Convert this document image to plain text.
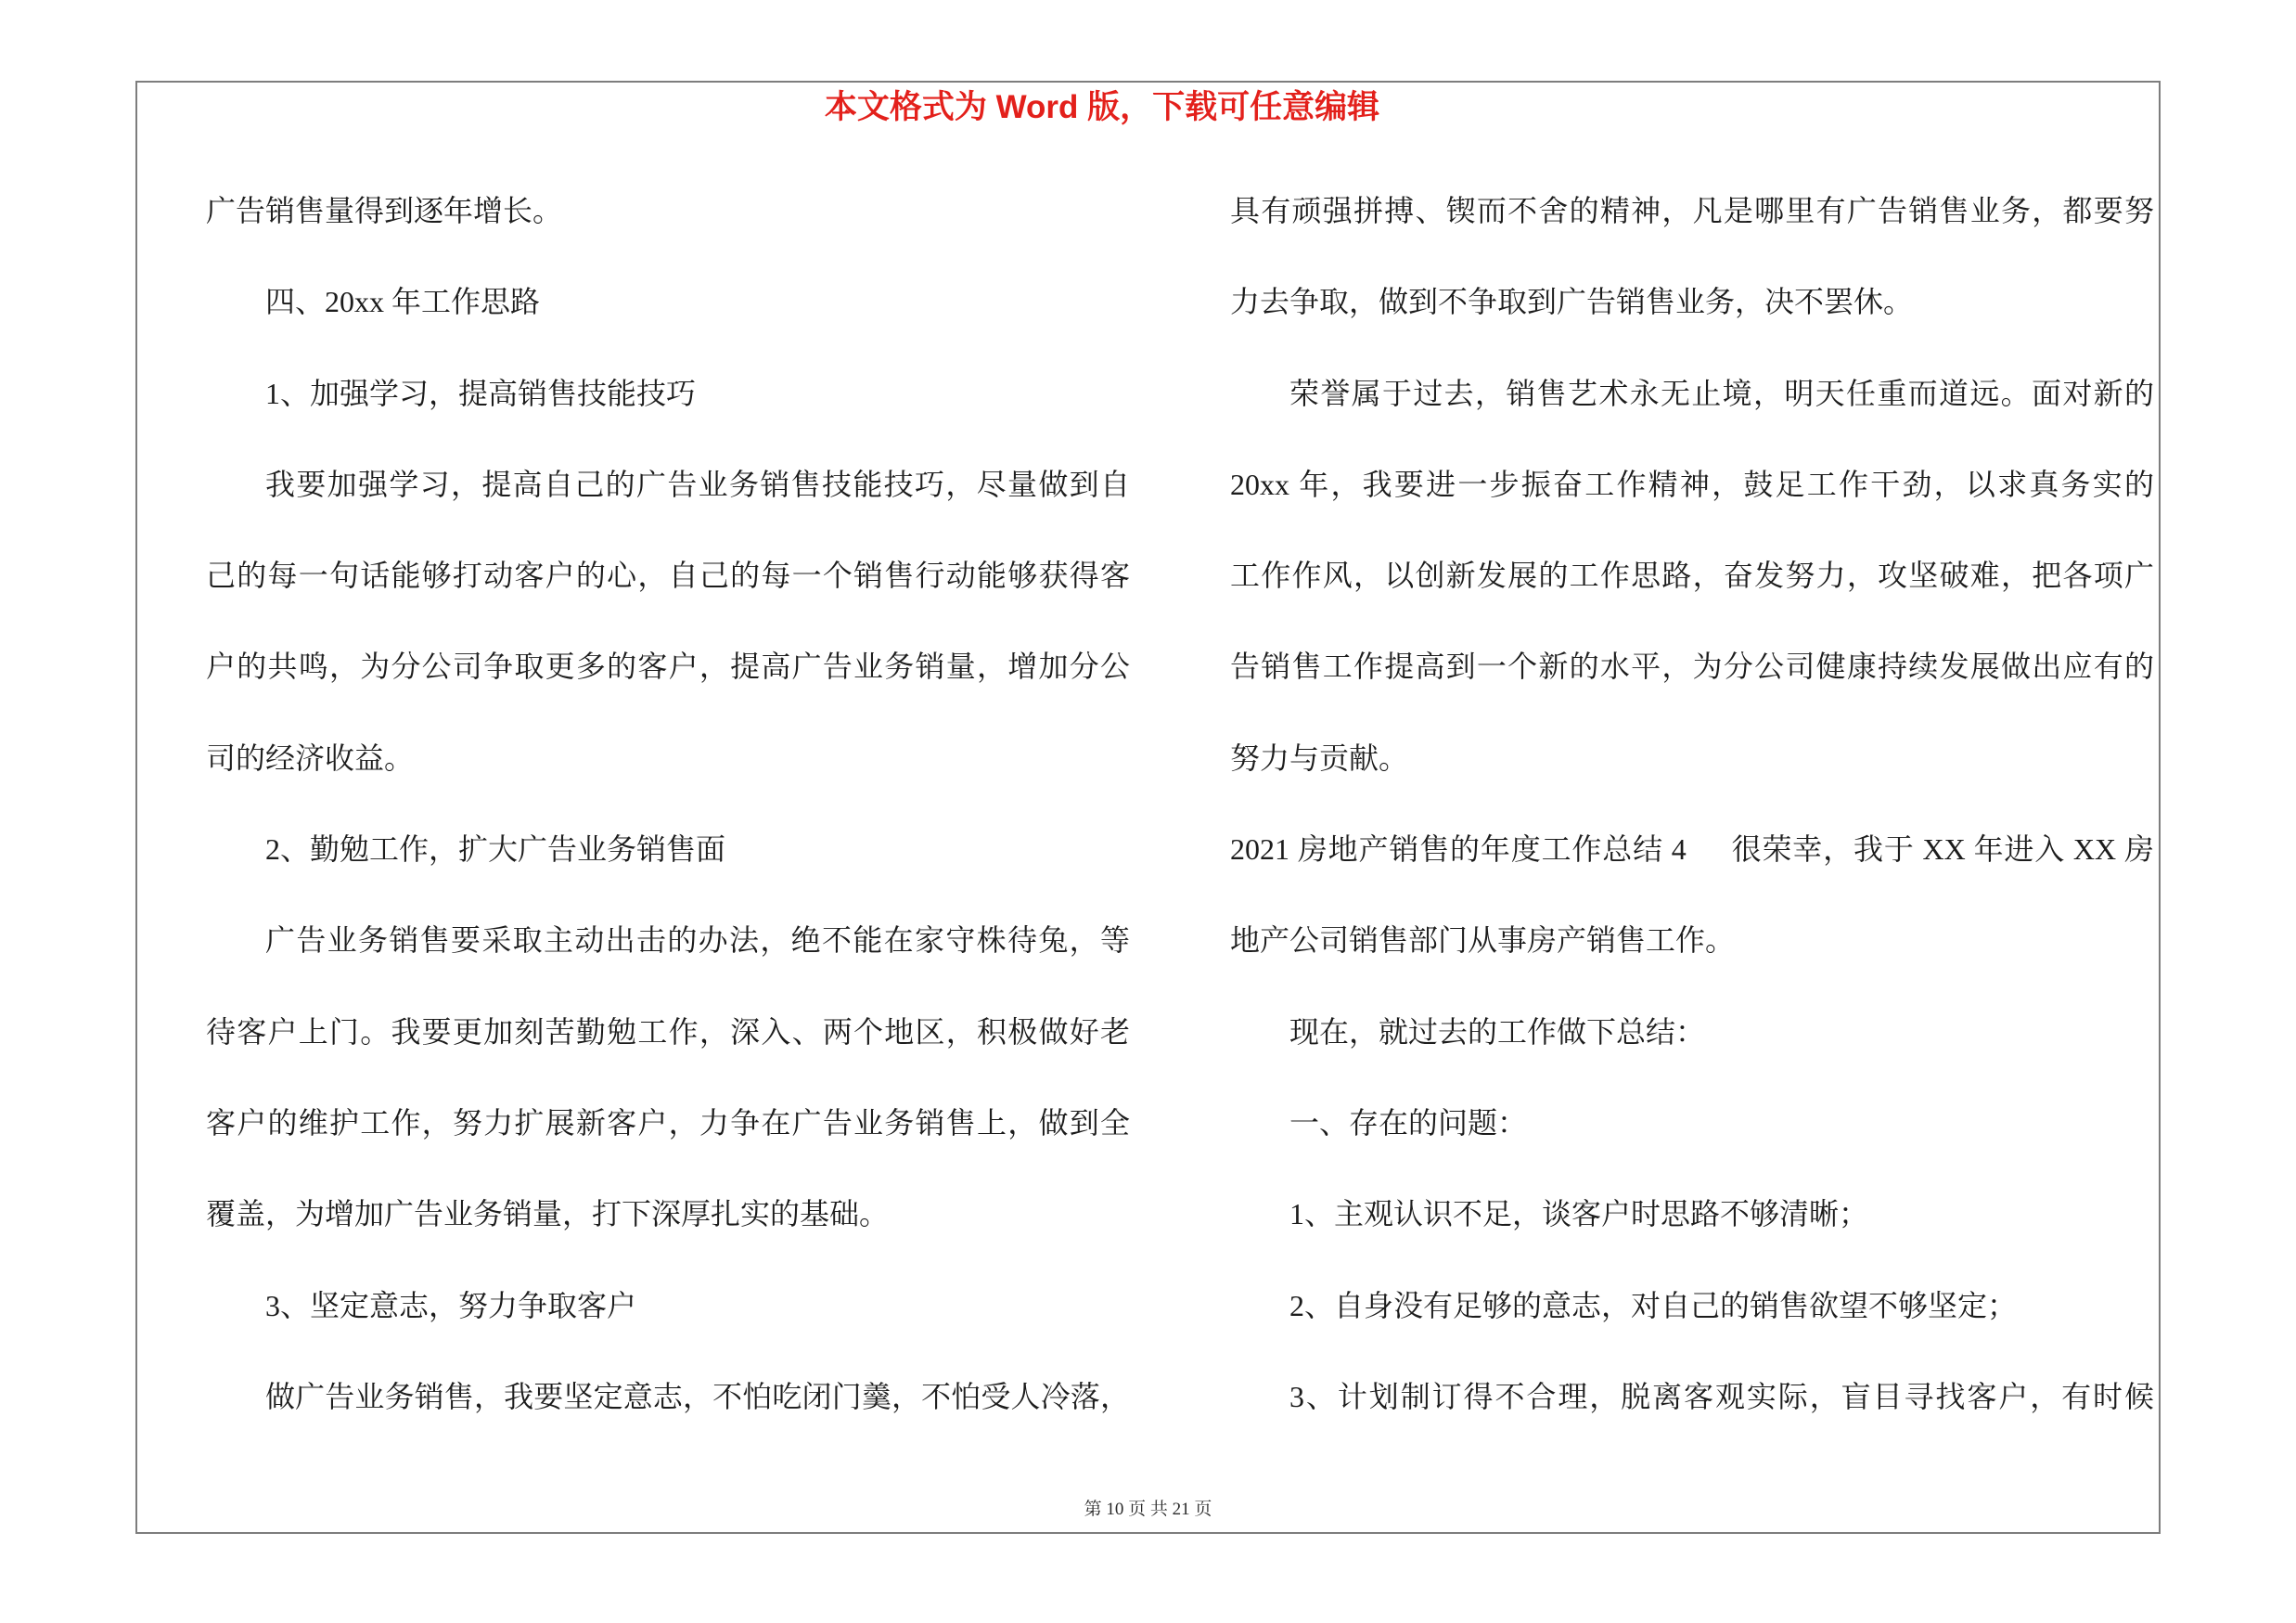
本文格式为 Word 版，下载可任意编辑
广告销售量得到逐年增长。
四、20xx 年工作思路
1、加强学习，提高销售技能技巧
我要加强学习，提高自己的广告业务销售技能技巧，尽量做到自
己的每一句话能够打动客户的心，自己的每一个销售行动能够获得客
户的共鸣，为分公司争取更多的客户，提高广告业务销量，增加分公
司的经济收益。
2、勤勉工作，扩大广告业务销售面
广告业务销售要采取主动出击的办法，绝不能在家守株待兔，等
待客户上门。我要更加刻苦勤勉工作，深入、两个地区，积极做好老
客户的维护工作，努力扩展新客户，力争在广告业务销售上，做到全
覆盖，为增加广告业务销量，打下深厚扎实的基础。
3、坚定意志，努力争取客户
做广告业务销售，我要坚定意志，不怕吃闭门羹，不怕受人冷落，
具有顽强拼搏、锲而不舍的精神，凡是哪里有广告销售业务，都要努
力去争取，做到不争取到广告销售业务，决不罢休。
荣誉属于过去，销售艺术永无止境，明天任重而道远。面对新的
20xx 年，我要进一步振奋工作精神，鼓足工作干劲，以求真务实的
工作作风，以创新发展的工作思路，奋发努力，攻坚破难，把各项广
告销售工作提高到一个新的水平，为分公司健康持续发展做出应有的
努力与贡献。
2021 房地产销售的年度工作总结 4 很荣幸，我于 XX 年进入 XX 房
地产公司销售部门从事房产销售工作。
现在，就过去的工作做下总结：
一、存在的问题：
1、主观认识不足，谈客户时思路不够清晰；
2、自身没有足够的意志，对自己的销售欲望不够坚定；
3、计划制订得不合理，脱离客观实际，盲目寻找客户，有时候
第 10 页 共 21 页
